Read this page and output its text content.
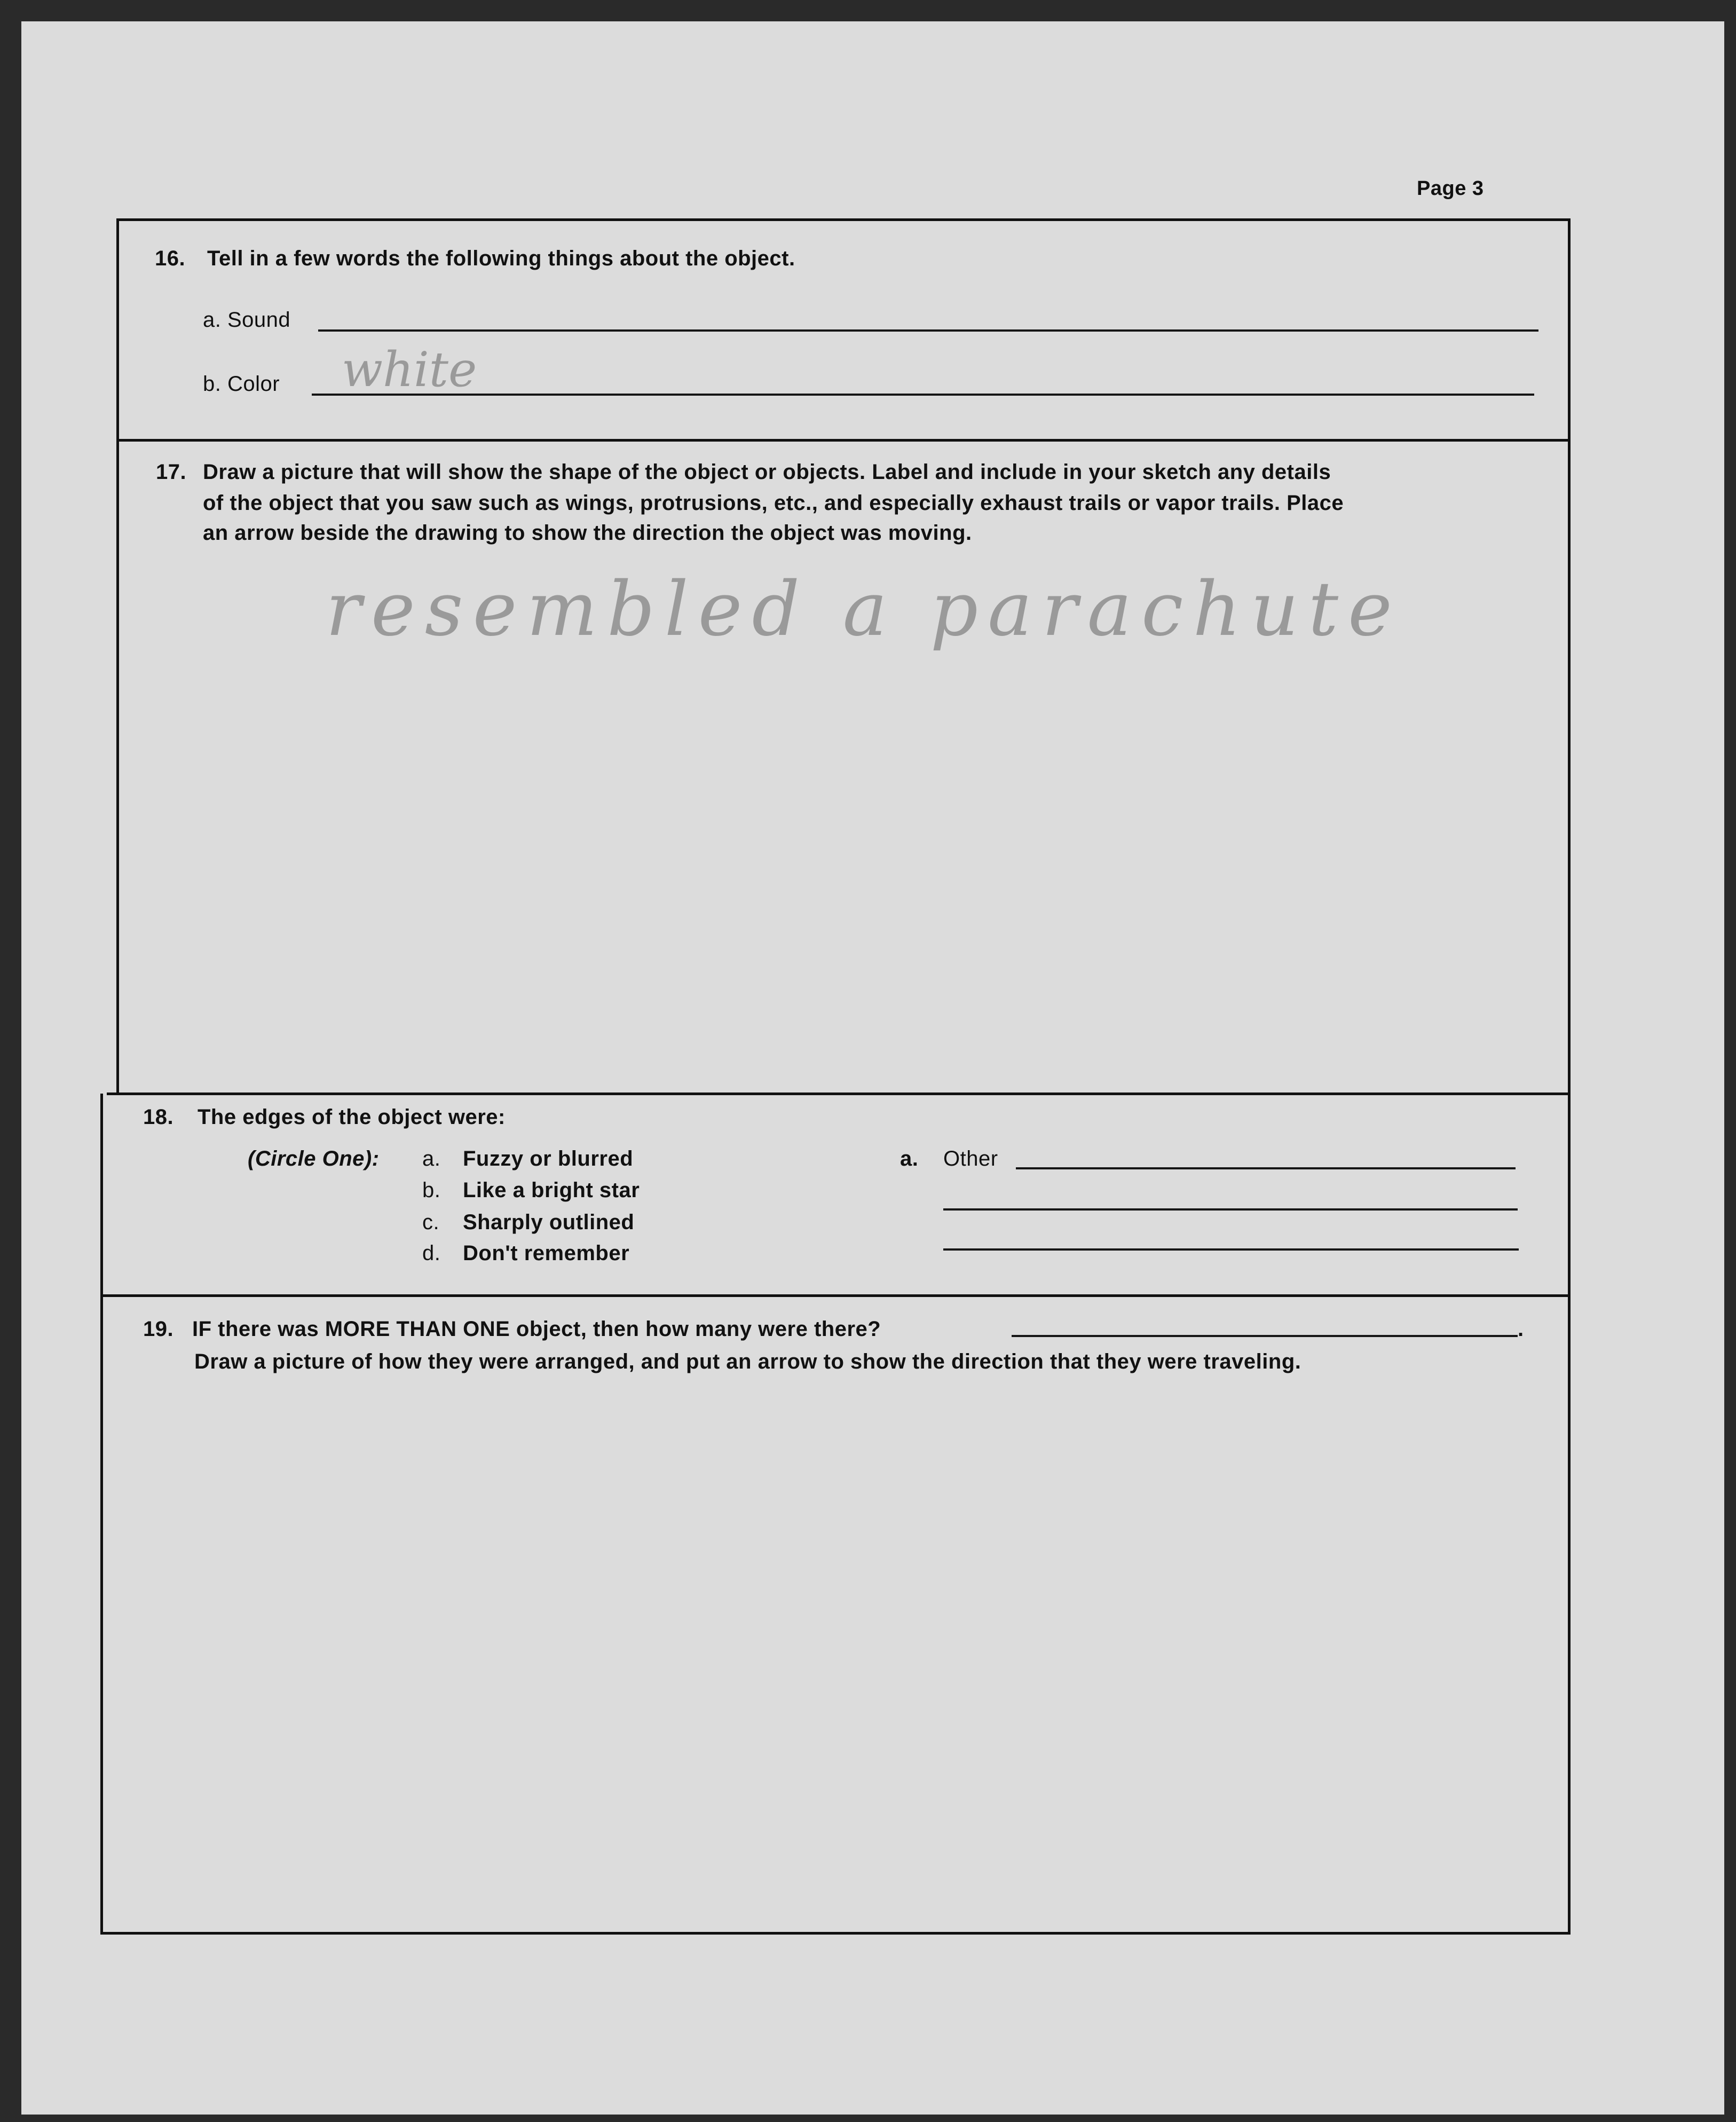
Page 3
16. Tell in a few words the following things about the object.
a. Sound
b. Color white
17. Draw a picture that will show the shape of the object or objects. Label and include in your sketch any details
of the object that you saw such as wings, protrusions, etc., and especially exhaust trails or vapor trails. Place
an arrow beside the drawing to show the direction the object was moving.
resembled a parachute
18. The edges of the object were:
(Circle One): a. Fuzzy or blurred
b. Like a bright star
c. Sharply outlined
d. Don't remember
a. Other
19. IF there was MORE THAN ONE object, then how many were there?	.
Draw a picture of how they were arranged, and put an arrow to show the direction that they were traveling.
